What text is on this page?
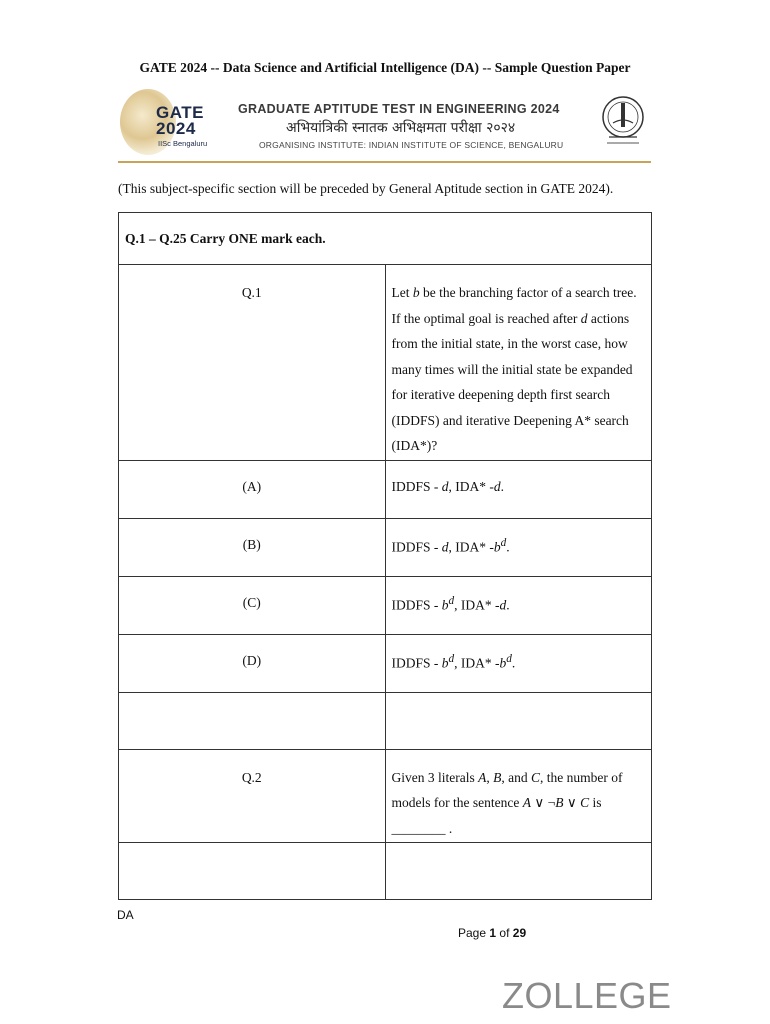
GATE 2024 -- Data Science and Artificial Intelligence (DA) -- Sample Question Paper
GATE
2024
IISc Bengaluru
GRADUATE APTITUDE TEST IN ENGINEERING 2024
अभियांत्रिकी स्नातक अभिक्षमता परीक्षा २०२४
ORGANISING INSTITUTE: INDIAN INSTITUTE OF SCIENCE, BENGALURU
(This subject-specific section will be preceded by General Aptitude section in GATE 2024).
Q.1 – Q.25 Carry ONE mark each.	

Q.1	Let b be the branching factor of a search tree. If the optimal goal is reached after d actions from the initial state, in the worst case, how many times will the initial state be expanded for iterative deepening depth first search (IDDFS) and iterative Deepening A* search (IDA*)?

(A)	IDDFS - d, IDA* -d.

(B)	IDDFS - d, IDA* $-b^d$.

(C)	IDDFS - $b^d$, IDA* -d.

(D)	IDDFS - $b^d$, IDA* $-b^d$.

Q.2	Given 3 literals A, B, and C, the number of models for the sentence A ∨ ¬B ∨ C is ________ .

DA
Page 1 of 29
ZOLLEGE
